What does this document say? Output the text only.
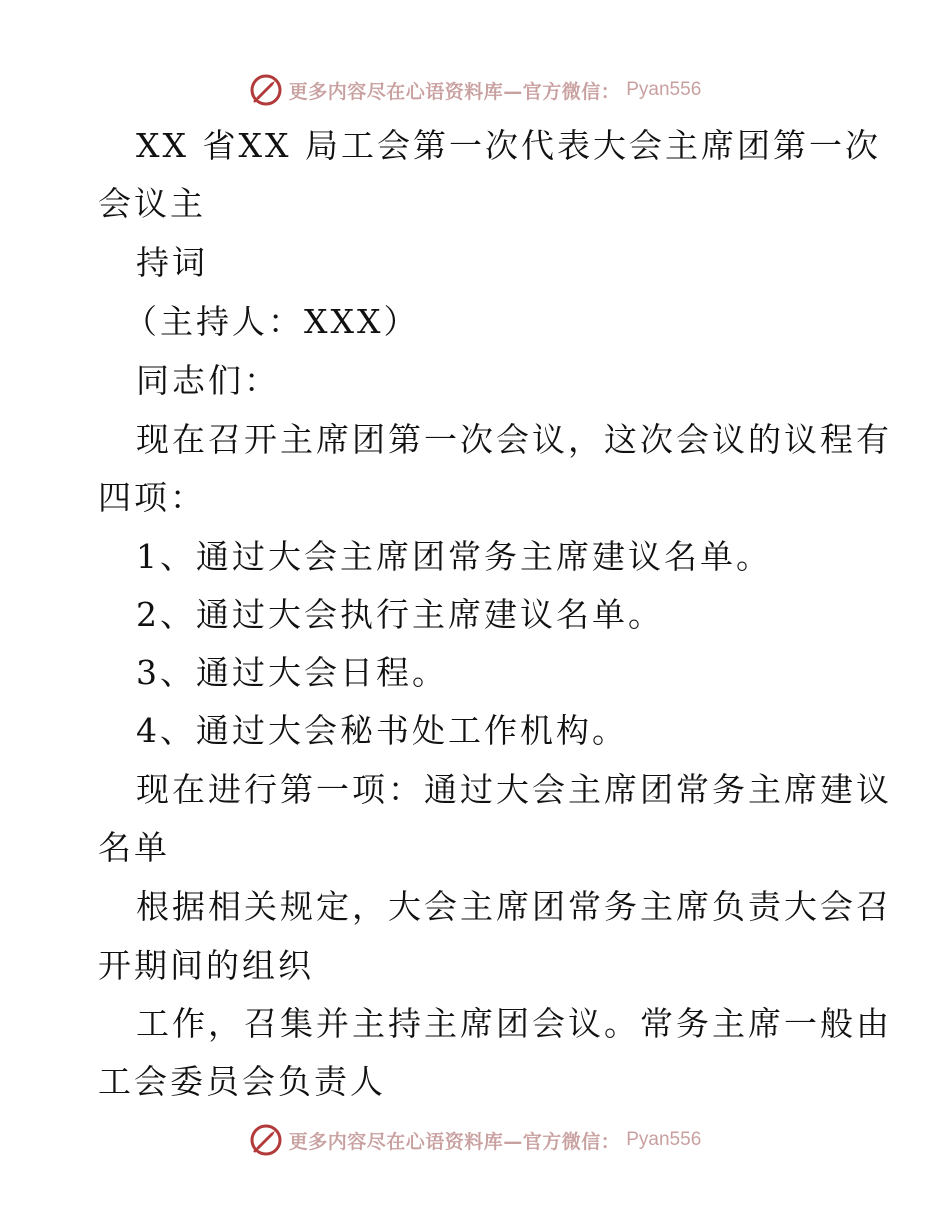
更多内容尽在心语资料库—官方微信： Pyan556
XX 省XX 局工会第一次代表大会主席团第一次
会议主
持词
（主持人：XXX）
同志们：
现在召开主席团第一次会议，这次会议的议程有
四项：
1、通过大会主席团常务主席建议名单。
2、通过大会执行主席建议名单。
3、通过大会日程。
4、通过大会秘书处工作机构。
现在进行第一项：通过大会主席团常务主席建议
名单
根据相关规定，大会主席团常务主席负责大会召
开期间的组织
工作，召集并主持主席团会议。常务主席一般由
工会委员会负责人
更多内容尽在心语资料库—官方微信： Pyan556
